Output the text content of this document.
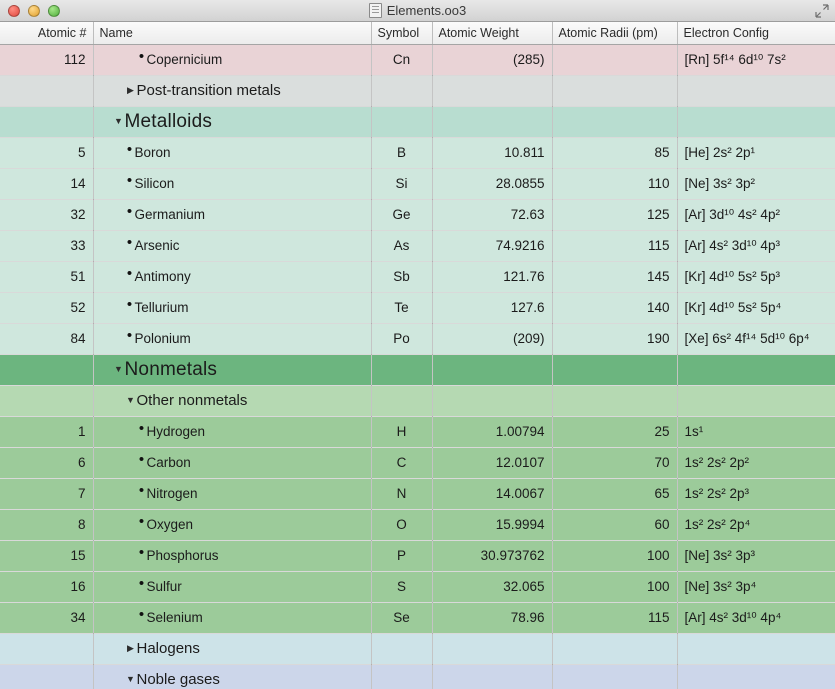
Elements.oo3
Atomic #	Name	Symbol	Atomic Weight	Atomic Radii (pm)	Electron Config
112	• Copernicium	Cn	(285)		[Rn] 5f¹⁴ 6d¹⁰ 7s²

	▶ Post-transition metals				

	▼ Metalloids				

5	• Boron	B	10.811	85	[He] 2s² 2p¹
14	• Silicon	Si	28.0855	110	[Ne] 3s² 3p²
32	• Germanium	Ge	72.63	125	[Ar] 3d¹⁰ 4s² 4p²
33	• Arsenic	As	74.9216	115	[Ar] 4s² 3d¹⁰ 4p³
51	• Antimony	Sb	121.76	145	[Kr] 4d¹⁰ 5s² 5p³
52	• Tellurium	Te	127.6	140	[Kr] 4d¹⁰ 5s² 5p⁴
84	• Polonium	Po	(209)	190	[Xe] 6s² 4f¹⁴ 5d¹⁰ 6p⁴

	▼ Nonmetals				

	▼ Other nonmetals				

1	• Hydrogen	H	1.00794	25	1s¹
6	• Carbon	C	12.0107	70	1s² 2s² 2p²
7	• Nitrogen	N	14.0067	65	1s² 2s² 2p³
8	• Oxygen	O	15.9994	60	1s² 2s² 2p⁴
15	• Phosphorus	P	30.973762	100	[Ne] 3s² 3p³
16	• Sulfur	S	32.065	100	[Ne] 3s² 3p⁴
34	• Selenium	Se	78.96	115	[Ar] 4s² 3d¹⁰ 4p⁴

	▶ Halogens				

	▼ Noble gases				
